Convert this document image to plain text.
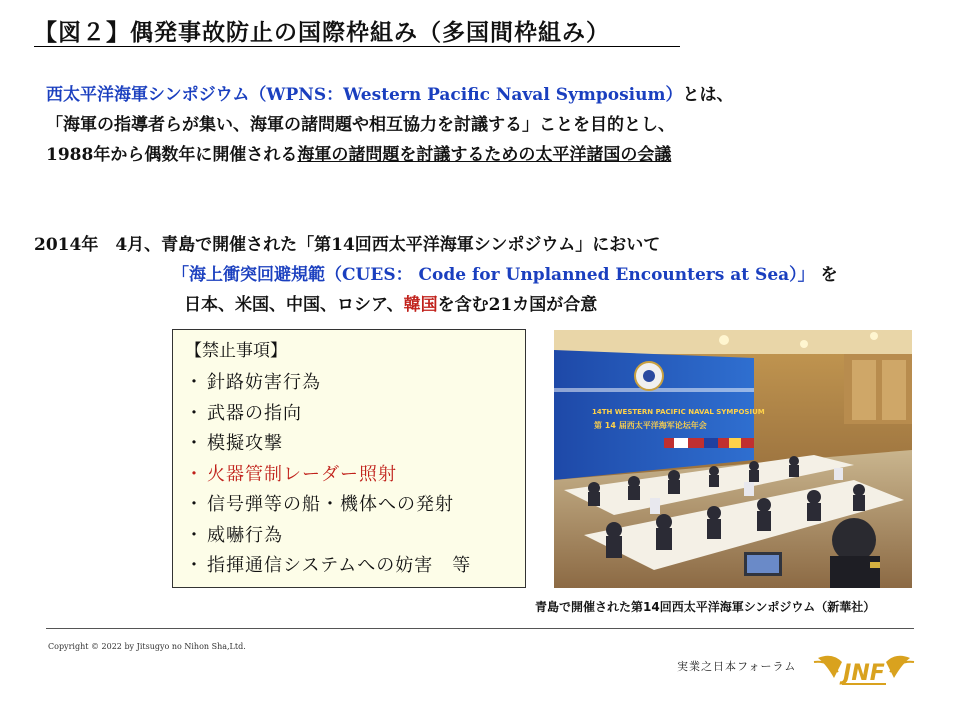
【図２】偶発事故防止の国際枠組み（多国間枠組み）
西太平洋海軍シンポジウム（WPNS：Western Pacific Naval Symposium）とは、
「海軍の指導者らが集い、海軍の諸問題や相互協力を討議する」ことを目的とし、
1988年から偶数年に開催される海軍の諸問題を討議するための太平洋諸国の会議
2014年　4月、青島で開催された「第14回西太平洋海軍シンポジウム」において
「海上衝突回避規範（CUES： Code for Unplanned Encounters at Sea）」 を
日本、米国、中国、ロシア、韓国を含む21カ国が合意
【禁止事項】
・ 針路妨害行為
・ 武器の指向
・ 模擬攻撃
・ 火器管制レーダー照射
・ 信号弾等の船・機体への発射
・ 威嚇行為
・ 指揮通信システムへの妨害　等
14TH WESTERN PACIFIC NAVAL SYMPOSIUM
第 14 届西太平洋海军论坛年会
青島で開催された第14回西太平洋海軍シンポジウム（新華社）
Copyright © 2022 by Jitsugyo no Nihon Sha,Ltd.
実業之日本フォーラム JNF
